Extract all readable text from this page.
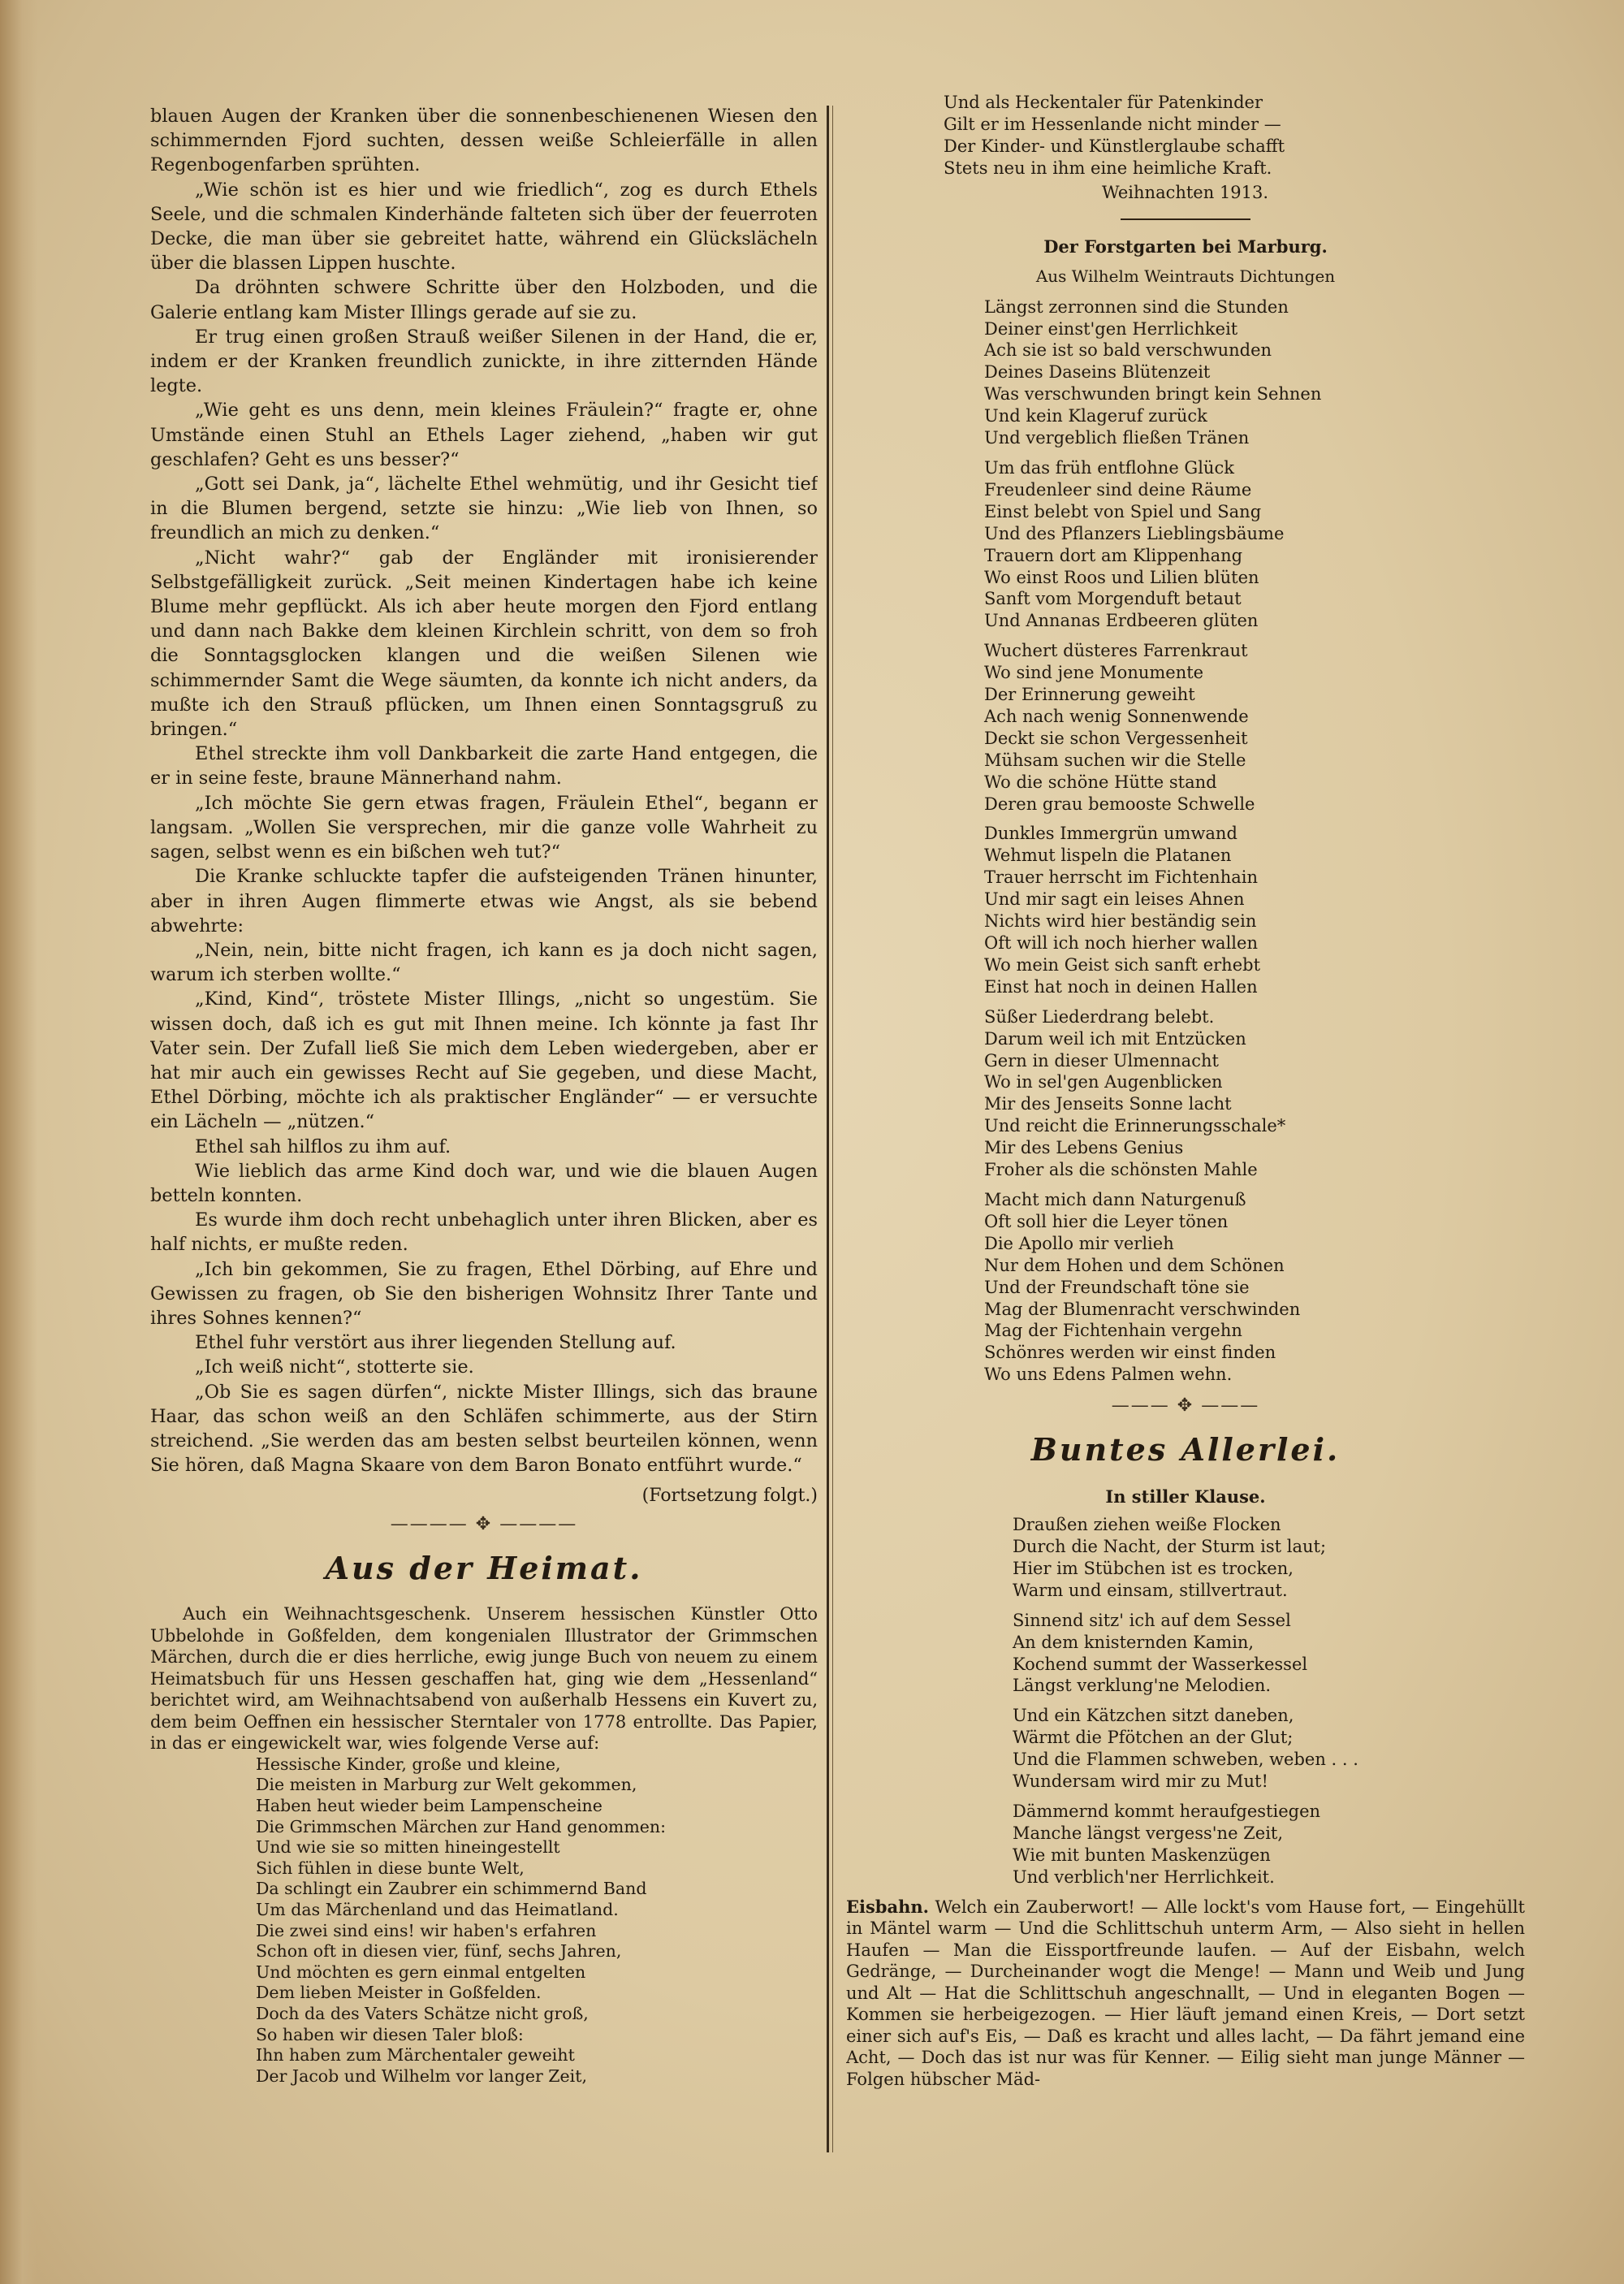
blauen Augen der Kranken über die sonnenbeschienenen Wiesen den schimmernden Fjord suchten, dessen weiße Schleierfälle in allen Regenbogenfarben sprühten.

„Wie schön ist es hier und wie friedlich“, zog es durch Ethels Seele, und die schmalen Kinderhände falteten sich über der feuerroten Decke, die man über sie gebreitet hatte, während ein Glückslächeln über die blassen Lippen huschte.

Da dröhnten schwere Schritte über den Holzboden, und die Galerie entlang kam Mister Illings gerade auf sie zu.

Er trug einen großen Strauß weißer Silenen in der Hand, die er, indem er der Kranken freundlich zunickte, in ihre zitternden Hände legte.

„Wie geht es uns denn, mein kleines Fräulein?“ fragte er, ohne Umstände einen Stuhl an Ethels Lager ziehend, „haben wir gut geschlafen? Geht es uns besser?“

„Gott sei Dank, ja“, lächelte Ethel wehmütig, und ihr Gesicht tief in die Blumen bergend, setzte sie hinzu: „Wie lieb von Ihnen, so freundlich an mich zu denken.“

„Nicht wahr?“ gab der Engländer mit ironisierender Selbstgefälligkeit zurück. „Seit meinen Kindertagen habe ich keine Blume mehr gepflückt. Als ich aber heute morgen den Fjord entlang und dann nach Bakke dem kleinen Kirchlein schritt, von dem so froh die Sonntagsglocken klangen und die weißen Silenen wie schimmernder Samt die Wege säumten, da konnte ich nicht anders, da mußte ich den Strauß pflücken, um Ihnen einen Sonntagsgruß zu bringen.“

Ethel streckte ihm voll Dankbarkeit die zarte Hand entgegen, die er in seine feste, braune Männerhand nahm.

„Ich möchte Sie gern etwas fragen, Fräulein Ethel“, begann er langsam. „Wollen Sie versprechen, mir die ganze volle Wahrheit zu sagen, selbst wenn es ein bißchen weh tut?“

Die Kranke schluckte tapfer die aufsteigenden Tränen hinunter, aber in ihren Augen flimmerte etwas wie Angst, als sie bebend abwehrte:

„Nein, nein, bitte nicht fragen, ich kann es ja doch nicht sagen, warum ich sterben wollte.“

„Kind, Kind“, tröstete Mister Illings, „nicht so ungestüm. Sie wissen doch, daß ich es gut mit Ihnen meine. Ich könnte ja fast Ihr Vater sein. Der Zufall ließ Sie mich dem Leben wiedergeben, aber er hat mir auch ein gewisses Recht auf Sie gegeben, und diese Macht, Ethel Dörbing, möchte ich als praktischer Engländer“ — er versuchte ein Lächeln — „nützen.“

Ethel sah hilflos zu ihm auf.

Wie lieblich das arme Kind doch war, und wie die blauen Augen betteln konnten.

Es wurde ihm doch recht unbehaglich unter ihren Blicken, aber es half nichts, er mußte reden.

„Ich bin gekommen, Sie zu fragen, Ethel Dörbing, auf Ehre und Gewissen zu fragen, ob Sie den bisherigen Wohnsitz Ihrer Tante und ihres Sohnes kennen?“

Ethel fuhr verstört aus ihrer liegenden Stellung auf.

„Ich weiß nicht“, stotterte sie.

„Ob Sie es sagen dürfen“, nickte Mister Illings, sich das braune Haar, das schon weiß an den Schläfen schimmerte, aus der Stirn streichend. „Sie werden das am besten selbst beurteilen können, wenn Sie hören, daß Magna Skaare von dem Baron Bonato entführt wurde.“

(Fortsetzung folgt.)

———— ✥ ————
Aus der Heimat.

Auch ein Weihnachtsgeschenk. Unserem hessischen Künstler Otto Ubbelohde in Goßfelden, dem kongenialen Illustrator der Grimmschen Märchen, durch die er dies herrliche, ewig junge Buch von neuem zu einem Heimatsbuch für uns Hessen geschaffen hat, ging wie dem „Hessenland“ berichtet wird, am Weihnachtsabend von außerhalb Hessens ein Kuvert zu, dem beim Oeffnen ein hessischer Sterntaler von 1778 entrollte. Das Papier, in das er eingewickelt war, wies folgende Verse auf:

Hessische Kinder, große und kleine,
Die meisten in Marburg zur Welt gekommen,
Haben heut wieder beim Lampenscheine
Die Grimmschen Märchen zur Hand genommen:
Und wie sie so mitten hineingestellt
Sich fühlen in diese bunte Welt,
Da schlingt ein Zaubrer ein schimmernd Band
Um das Märchenland und das Heimatland.
Die zwei sind eins! wir haben's erfahren
Schon oft in diesen vier, fünf, sechs Jahren,
Und möchten es gern einmal entgelten
Dem lieben Meister in Goßfelden.
Doch da des Vaters Schätze nicht groß,
So haben wir diesen Taler bloß:
Ihn haben zum Märchentaler geweiht
Der Jacob und Wilhelm vor langer Zeit,
Und als Heckentaler für Patenkinder
Gilt er im Hessenlande nicht minder —
Der Kinder- und Künstlerglaube schafft
Stets neu in ihm eine heimliche Kraft.

Weihnachten 1913.

Der Forstgarten bei Marburg.
Aus Wilhelm Weintrauts Dichtungen
Längst zerronnen sind die Stunden
Deiner einst'gen Herrlichkeit
Ach sie ist so bald verschwunden
Deines Daseins Blütenzeit
Was verschwunden bringt kein Sehnen
Und kein Klageruf zurück
Und vergeblich fließen Tränen
Um das früh entflohne Glück
Freudenleer sind deine Räume
Einst belebt von Spiel und Sang
Und des Pflanzers Lieblingsbäume
Trauern dort am Klippenhang
Wo einst Roos und Lilien blüten
Sanft vom Morgenduft betaut
Und Annanas Erdbeeren glüten
Wuchert düsteres Farrenkraut
Wo sind jene Monumente
Der Erinnerung geweiht
Ach nach wenig Sonnenwende
Deckt sie schon Vergessenheit
Mühsam suchen wir die Stelle
Wo die schöne Hütte stand
Deren grau bemooste Schwelle
Dunkles Immergrün umwand
Wehmut lispeln die Platanen
Trauer herrscht im Fichtenhain
Und mir sagt ein leises Ahnen
Nichts wird hier beständig sein
Oft will ich noch hierher wallen
Wo mein Geist sich sanft erhebt
Einst hat noch in deinen Hallen
Süßer Liederdrang belebt.
Darum weil ich mit Entzücken
Gern in dieser Ulmennacht
Wo in sel'gen Augenblicken
Mir des Jenseits Sonne lacht
Und reicht die Erinnerungsschale*
Mir des Lebens Genius
Froher als die schönsten Mahle
Macht mich dann Naturgenuß
Oft soll hier die Leyer tönen
Die Apollo mir verlieh
Nur dem Hohen und dem Schönen
Und der Freundschaft töne sie
Mag der Blumenracht verschwinden
Mag der Fichtenhain vergehn
Schönres werden wir einst finden
Wo uns Edens Palmen wehn.
——— ✥ ———
Buntes Allerlei.
In stiller Klause.
Draußen ziehen weiße Flocken
Durch die Nacht, der Sturm ist laut;
Hier im Stübchen ist es trocken,
Warm und einsam, stillvertraut.
Sinnend sitz' ich auf dem Sessel
An dem knisternden Kamin,
Kochend summt der Wasserkessel
Längst verklung'ne Melodien.
Und ein Kätzchen sitzt daneben,
Wärmt die Pfötchen an der Glut;
Und die Flammen schweben, weben . . .
Wundersam wird mir zu Mut!
Dämmernd kommt heraufgestiegen
Manche längst vergess'ne Zeit,
Wie mit bunten Maskenzügen
Und verblich'ner Herrlichkeit.

Eisbahn. Welch ein Zauberwort! — Alle lockt's vom Hause fort, — Eingehüllt in Mäntel warm — Und die Schlittschuh unterm Arm, — Also sieht in hellen Haufen — Man die Eissportfreunde laufen. — Auf der Eisbahn, welch Gedränge, — Durcheinander wogt die Menge! — Mann und Weib und Jung und Alt — Hat die Schlittschuh angeschnallt, — Und in eleganten Bogen — Kommen sie herbeigezogen. — Hier läuft jemand einen Kreis, — Dort setzt einer sich auf's Eis, — Daß es kracht und alles lacht, — Da fährt jemand eine Acht, — Doch das ist nur was für Kenner. — Eilig sieht man junge Männer — Folgen hübscher Mäd-
